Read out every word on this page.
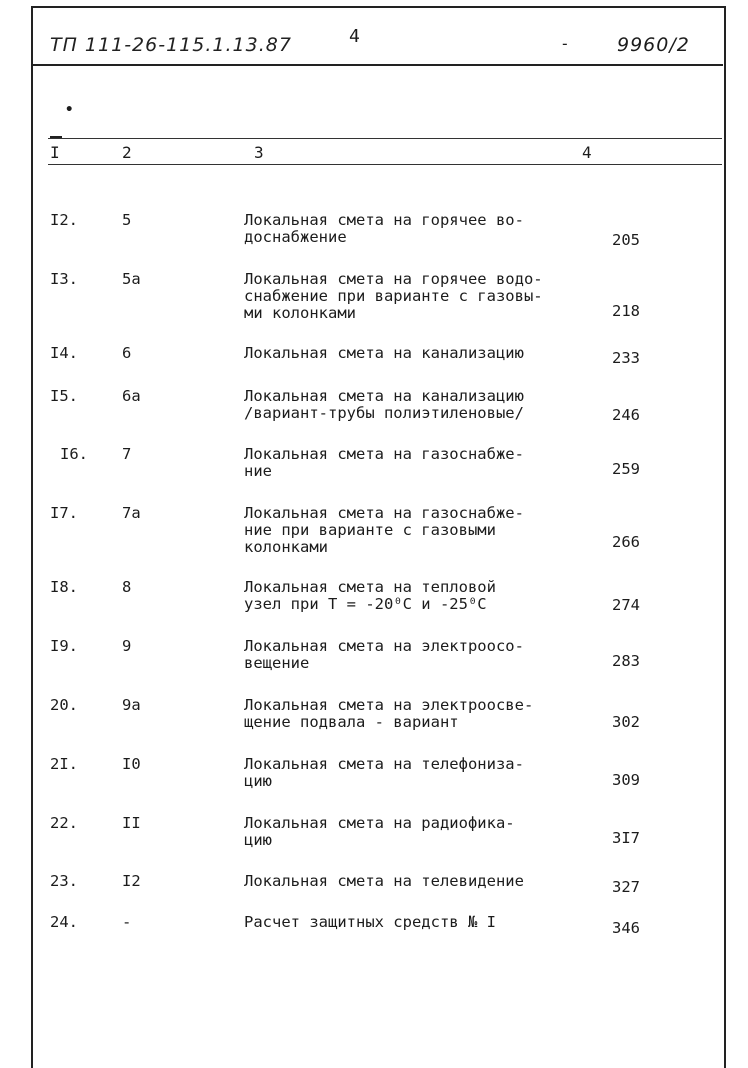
ТП 111-26-115.1.13.87	4	- 9960/2
•
I	2	3	4
I2.	5	Локальная смета на горячее во-
доснабжение	205
I3.	5а	Локальная смета на горячее водо-
снабжение при варианте с газовы-
ми колонками	218
I4.	6	Локальная смета на канализацию	233
I5.	6а	Локальная смета на канализацию
/вариант-трубы полиэтиленовые/	246
I6. 7	Локальная смета на газоснабже-
ние	259
I7.	7а	Локальная смета на газоснабже-
ние при варианте с газовыми
колонками	266
I8.	8	Локальная смета на тепловой
узел при Т = -20⁰С и -25⁰С	274
I9.	9	Локальная смета на электроосо-
вещение	283
20.	9а	Локальная смета на электроосве-
щение подвала - вариант	302
2I.	I0	Локальная смета на телефониза-
цию	309
22.	II	Локальная смета на радиофика-
цию	3I7
23.	I2	Локальная смета на телевидение	327
24.	-	Расчет защитных средств № I	346
